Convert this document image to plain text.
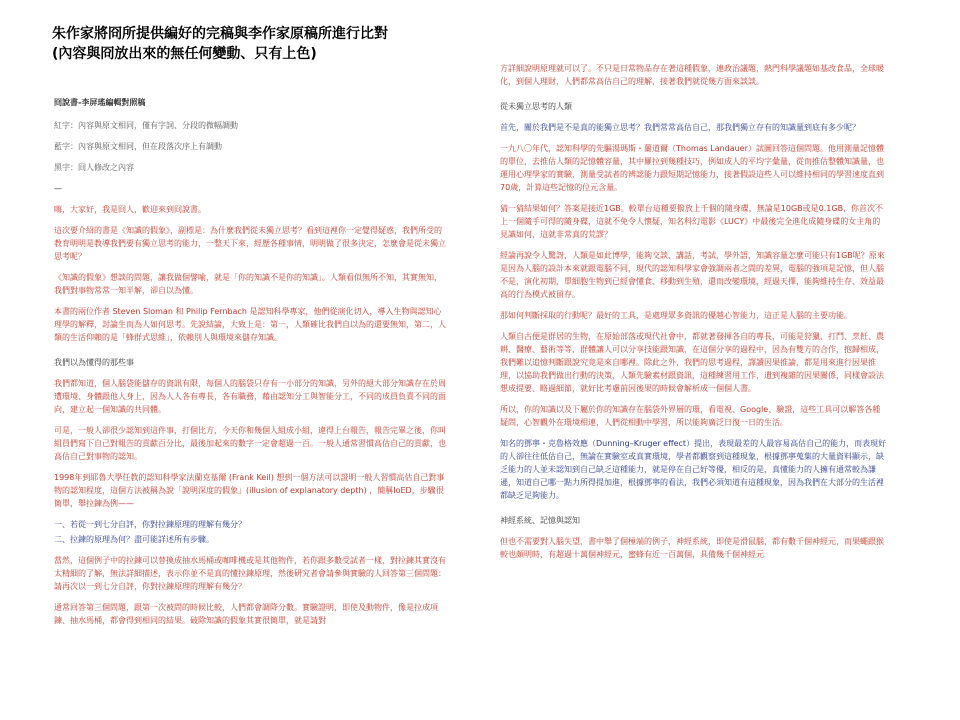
朱作家將冏所提供編好的完稿與李作家原稿所進行比對
(內容與冏放出來的無任何變動、只有上色)

冏說書-李屏瑤編輯對照稿

紅字：內容與原文相同，僅有字詞、分段的微幅調動

藍字：內容與原文相同，但在段落次序上有調動

黑字：冏人修改之內容

—

嗨，大家好，我是冏人，歡迎來到冏說書。

這次要介紹的書是《知識的假象》，副標是：為什麼我們從未獨立思考？看到這裡你一定覺得疑惑，我們所受的教育明明是教導我們要有獨立思考的能力，一整天下來，經歷各種事情，明明做了很多決定，怎麼會是從未獨立思考呢？

《知識的假象》想談的問題，讓我做個譬喻，就是「你的知識不是你的知識」。人類看似無所不知，其實無知，我們對事物常常一知半解，卻自以為懂。

本書的兩位作者 Steven Sloman 和 Philip Fernbach 是認知科學專家，他們從演化切入，導入生物與認知心理學的解釋，討論生而為人如何思考。先說結論，大致上是：第一，人類確比我們自以為的還要無知，第二，人類的生活仰賴的是「蜂群式思維」，依賴別人與環境來儲存知識。

我們以為懂得的那些事

我們都知道，個人腦袋能儲存的資訊有限，每個人的腦袋只存有一小部分的知識，另外的絕大部分知識存在於周遭環境、身體跟他人身上，因為人人各有專長，各有職務，藉由認知分工與智能分工，不同的成員負責不同的面向，建立起一個知識的共同體。

可是，一般人卻很少認知到這件事，打個比方，今天你和幾個人組成小組，違得上台報告，報告完畢之後，你叫組員們寫下自己對報告的貢獻百分比，最後加起來的數字一定會超過一百。一般人通常習慣高估自己的貢獻，也高估自己對事物的認知。

1998年到耶魯大學任教的認知科學家法蘭克基爾 (Frank Keil) 想到一個方法可以證明一般人習慣高估自己對事物的認知程度，這個方法被稱為說「說明深度的假象」(illusion of explanatory depth) ，簡稱IoED，步驟很簡單，舉拉鍊為例——

一、若從一到七分自評，你對拉鍊原理的理解有幾分？

二、拉鍊的原理為何？盡可能詳述所有步驟。

當然，這個例子中的拉鍊可以替換成抽水馬桶或咖啡機或是其他物件，若你跟多數受試者一樣，對拉鍊其實沒有太精細的了解，無法詳細描述，表示你並不是真的懂拉鍊原理，然後研究者會請參與實驗的人回答第三個問題：請再次以一到七分自評，你對拉鍊原理的理解有幾分？

通常回答第三個問題，跟第一次被問的時候比較，人們都會調降分數。實驗證明，即使及動物件，像是拉成項鍊、抽水馬桶，都會得到相同的結果。破除知識的假象其實很簡單，就是請對

方詳細說明原理就可以了。不只是日常物品存在著這種假象，連政治議題，熱門科學議題如基改食品，全球暖化，到個人理財，人們都常高估自己的理解，接著我們就從幾方面來談談。

從未獨立思考的人類

首先，關於我們是不是真的能獨立思考？我們常常高估自己，那我們獨立存有的知識量到底有多少呢？

一九八〇年代，認知科學的先驅湯瑪斯・蘭道爾（Thomas Landauer）試圖回答這個問題。他用測量記憶體的單位，去推估人類的記憶體容量，其中羅拉到幾種技巧，例如成人的平均字彙量，從而推估整體知識量，也運用心理學家的實驗，測量受試者的辨認能力跟短期記憶能力，接著假設這些人可以維持相同的學習速度直到70歲，計算這些記憶的位元含量。

猜一猜結果如何？答案是接近1GB。較單台這種要撥放上千個的隨身碟，無論是10GB或是0.1GB，你首次不上一個隨手可得的隨身碟，這就不免令人懷疑，知名科幻電影《LUCY》中最後完全進化成隨身碟的女主角的見識如何，這就非常真的荒謬？

經論再說令人驚訝，人類是如此博學，能夠交談、講話，考試，學外語，知識容量怎麼可能只有1GB呢？原來是因為人腦的設計本來就跟電腦不同，現代的認知科學家會強調兩者之間的差異，電腦的強項是記憶，但人腦不是，演化初期，單細胞生物到已經會懂食、移動到生殖，還而改變環境，經過天擇，能夠維持生存、效益最高的行為模式被留存。

那如何判斷採取的行動呢？最好的工具，是處理眾多資訊的優越心智能力，這正是人腦的主要功能。

人類自古便是群居的生物，在原始部落或現代社會中，都就著發揮各自的專長，可能是狩獵、打鬥、烹飪、農耕、醫療、藝術等等，群體讓人可以分享技能跟知識，在這個分享的過程中，因為有雙方的合作，抱歸相成，我們難以追憶判斷跟說究竟是來自哪裡。除此之外，我們的思考過程，譯讀因果推論，都是用來進行因果推理，以協助我們做出行動的決策，人類先驗素材跟資訊，這種練習用工作，遺到複雜的因果關係，同樣會設法想成提要、略過細節，就好比考慮前因後果的時候會解析成一個個人書。

所以，你的知識以及下屬於你的知識存在腦袋外界層的環，看電視、Google、驗證，這些工具可以解答各種疑問，心智觀外在環境相連，人們從相動中學習，所以能夠廣泛日復一日的生活。

知名的鄧寧・克魯格效應（Dunning–Kruger effect）提出，表現最差的人最容易高估自己的能力，而表現好的人卻往往低估自己，無論在實驗室或真實環境，學者都觀察到這種現象，根據鄧寧蒐集的大量資料顯示，缺乏能力的人並未認知到自己缺乏這種能力，就是停在自己好等優，相反的是，真懂能力的人擁有通常較為謙遜，知道自己哪一點力所得提加進，根據鄧寧的看法，我們必須知道有這種現象，因為我們在大部分的生活裡都缺乏足夠能力。

神經系統、記憶與認知

但也不需要對人腦失望，書中舉了個極端的例子，神經系統，即使是滑鼠腦，都有數千個神經元，而果蠅跟猴較也頗明時，有超過十萬個神經元，蜜蜂有近一百萬個，具備幾千個神經元
